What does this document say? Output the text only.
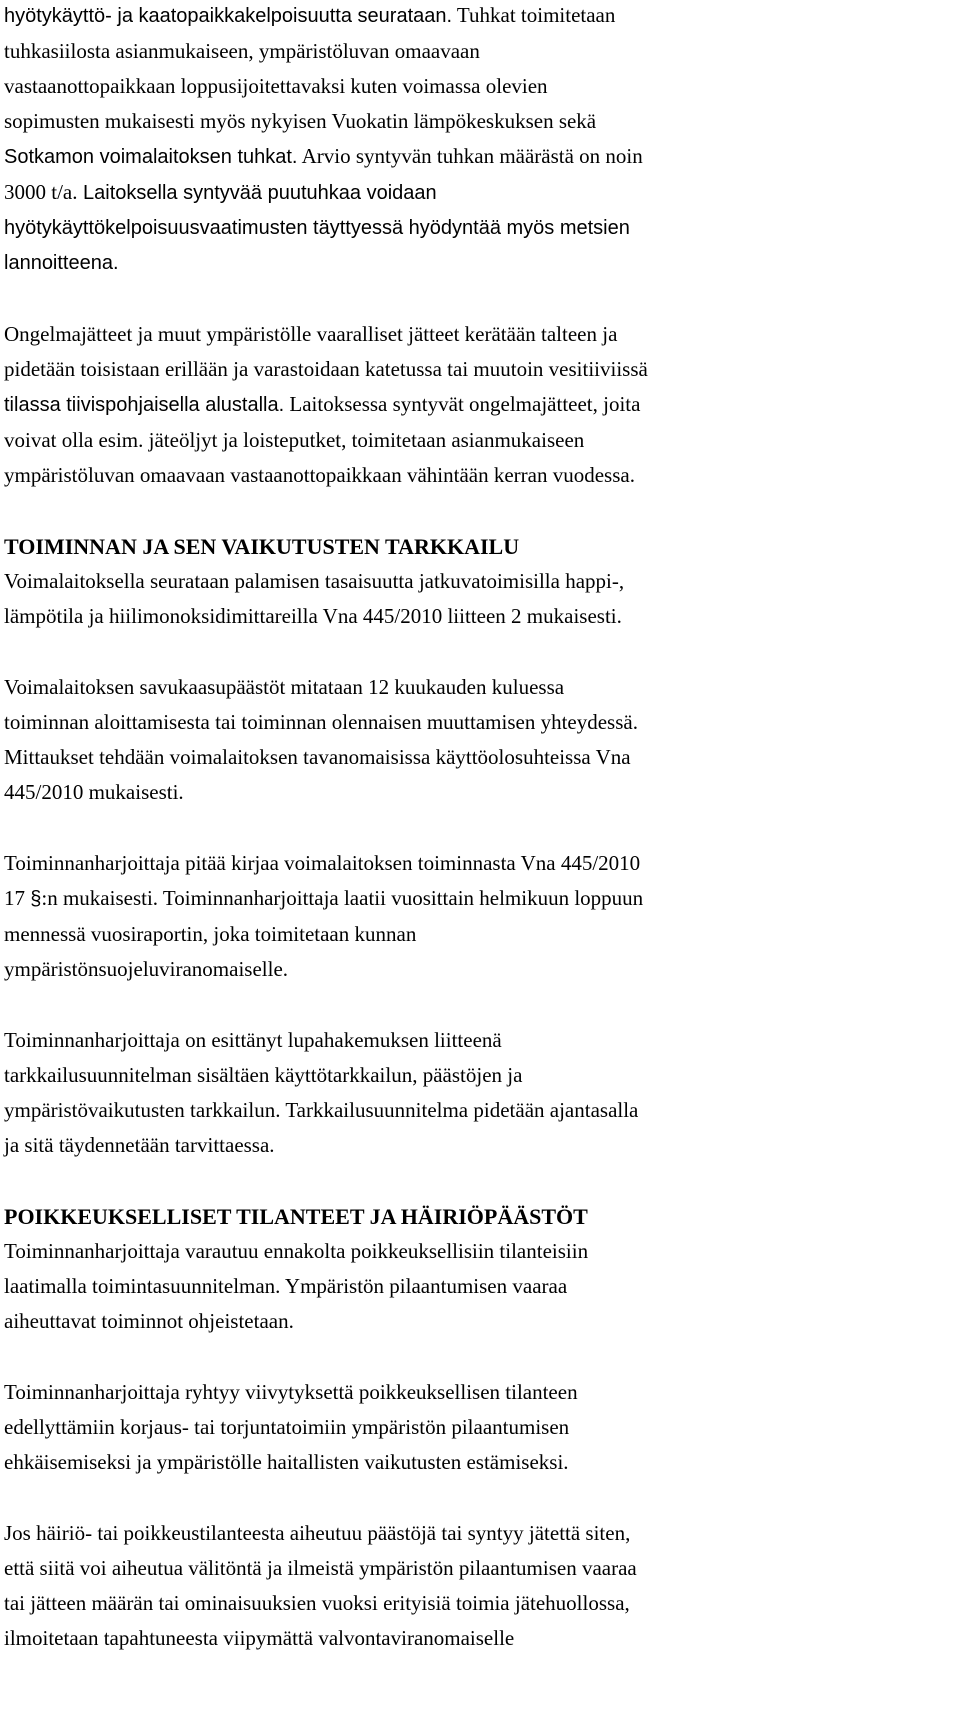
hyötykäyttö- ja kaatopaikkakelpoisuutta seurataan. Tuhkat toimitetaan
tuhkasiilosta asianmukaiseen, ympäristöluvan omaavaan
vastaanottopaikkaan loppusijoitettavaksi kuten voimassa olevien
sopimusten mukaisesti myös nykyisen Vuokatin lämpökeskuksen sekä
Sotkamon voimalaitoksen tuhkat. Arvio syntyvän tuhkan määrästä on noin
3000 t/a. Laitoksella syntyvää puutuhkaa voidaan
hyötykäyttökelpoisuusvaatimusten täyttyessä hyödyntää myös metsien
lannoitteena.
Ongelmajätteet ja muut ympäristölle vaaralliset jätteet kerätään talteen ja
pidetään toisistaan erillään ja varastoidaan katetussa tai muutoin vesitiiviissä
tilassa tiivispohjaisella alustalla. Laitoksessa syntyvät ongelmajätteet, joita
voivat olla esim. jäteöljyt ja loisteputket, toimitetaan asianmukaiseen
ympäristöluvan omaavaan vastaanottopaikkaan vähintään kerran vuodessa.
TOIMINNAN JA SEN VAIKUTUSTEN TARKKAILU
Voimalaitoksella seurataan palamisen tasaisuutta jatkuvatoimisilla happi-,
lämpötila ja hiilimonoksidimittareilla Vna 445/2010 liitteen 2 mukaisesti.
Voimalaitoksen savukaasupäästöt mitataan 12 kuukauden kuluessa
toiminnan aloittamisesta tai toiminnan olennaisen muuttamisen yhteydessä.
Mittaukset tehdään voimalaitoksen tavanomaisissa käyttöolosuhteissa Vna
445/2010 mukaisesti.
Toiminnanharjoittaja pitää kirjaa voimalaitoksen toiminnasta Vna 445/2010
17 §:n mukaisesti. Toiminnanharjoittaja laatii vuosittain helmikuun loppuun
mennessä vuosiraportin, joka toimitetaan kunnan
ympäristönsuojeluviranomaiselle.
Toiminnanharjoittaja on esittänyt lupahakemuksen liitteenä
tarkkailusuunnitelman sisältäen käyttötarkkailun, päästöjen ja
ympäristövaikutusten tarkkailun. Tarkkailusuunnitelma pidetään ajantasalla
ja sitä täydennetään tarvittaessa.
POIKKEUKSELLISET TILANTEET JA HÄIRIÖPÄÄSTÖT
Toiminnanharjoittaja varautuu ennakolta poikkeuksellisiin tilanteisiin
laatimalla toimintasuunnitelman. Ympäristön pilaantumisen vaaraa
aiheuttavat toiminnot ohjeistetaan.
Toiminnanharjoittaja ryhtyy viivytyksettä poikkeuksellisen tilanteen
edellyttämiin korjaus- tai torjuntatoimiin ympäristön pilaantumisen
ehkäisemiseksi ja ympäristölle haitallisten vaikutusten estämiseksi.
Jos häiriö- tai poikkeustilanteesta aiheutuu päästöjä tai syntyy jätettä siten,
että siitä voi aiheutua välitöntä ja ilmeistä ympäristön pilaantumisen vaaraa
tai jätteen määrän tai ominaisuuksien vuoksi erityisiä toimia jätehuollossa,
ilmoitetaan tapahtuneesta viipymättä valvontaviranomaiselle
